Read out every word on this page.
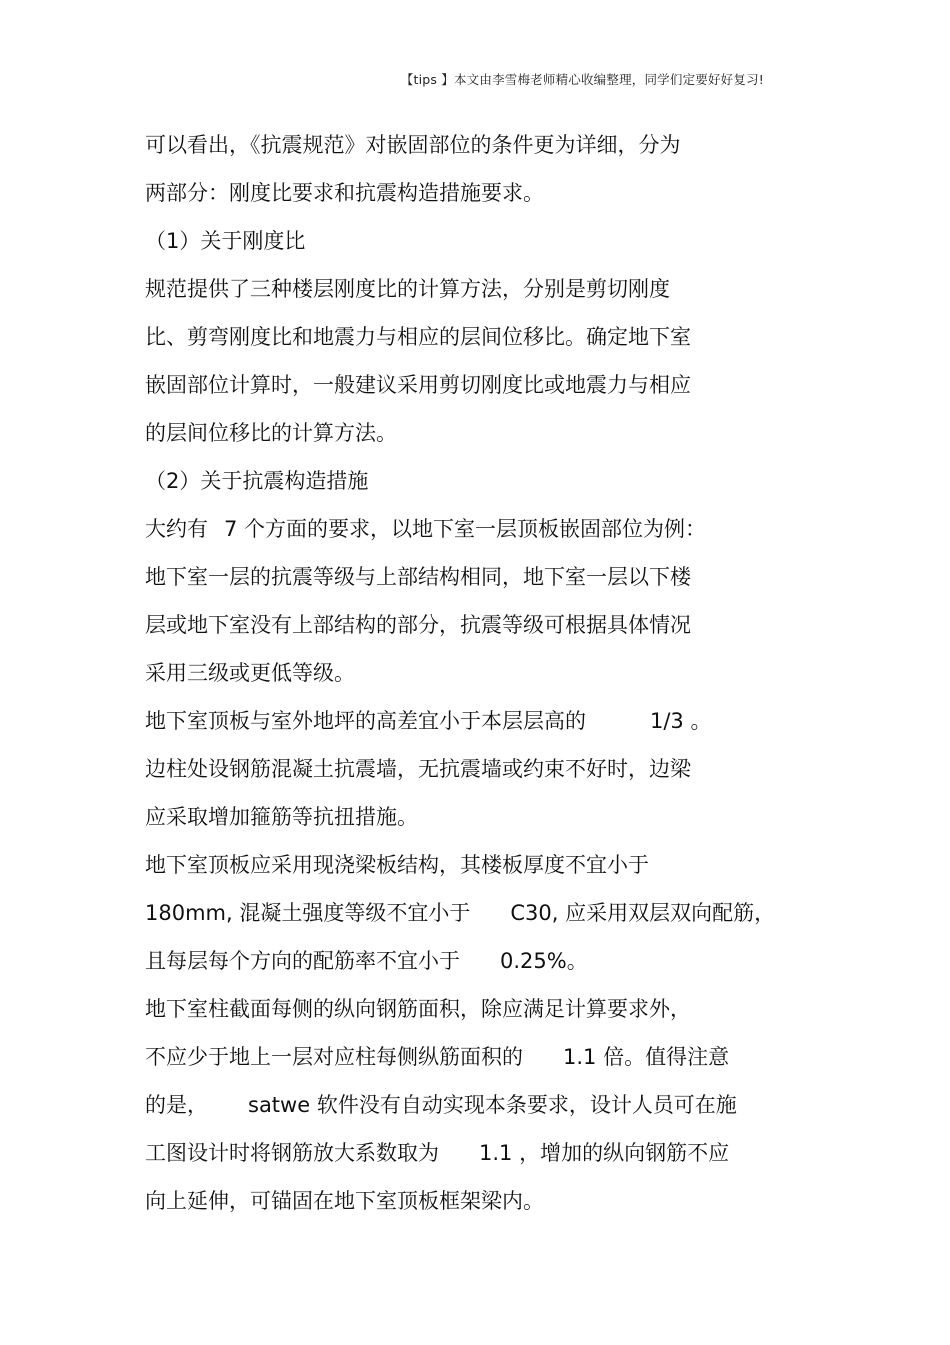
【tips 】本文由李雪梅老师精心收编整理，同学们定要好好复习!
可以看出，《抗震规范》对嵌固部位的条件更为详细，分为
两部分：刚度比要求和抗震构造措施要求。
（1）关于刚度比
规范提供了三种楼层刚度比的计算方法，分别是剪切刚度
比、剪弯刚度比和地震力与相应的层间位移比。确定地下室
嵌固部位计算时，一般建议采用剪切刚度比或地震力与相应
的层间位移比的计算方法。
（2）关于抗震构造措施
大约有 7 个方面的要求，以地下室一层顶板嵌固部位为例：
地下室一层的抗震等级与上部结构相同，地下室一层以下楼
层或地下室没有上部结构的部分，抗震等级可根据具体情况
采用三级或更低等级。
地下室顶板与室外地坪的高差宜小于本层层高的	1/3 。
边柱处设钢筋混凝土抗震墙，无抗震墙或约束不好时，边梁
应采取增加箍筋等抗扭措施。
地下室顶板应采用现浇梁板结构，其楼板厚度不宜小于
180mm, 混凝土强度等级不宜小于 C30, 应采用双层双向配筋，
且每层每个方向的配筋率不宜小于 0.25%。
地下室柱截面每侧的纵向钢筋面积，除应满足计算要求外，
不应少于地上一层对应柱每侧纵筋面积的 1.1 倍。值得注意
的是， satwe 软件没有自动实现本条要求，设计人员可在施
工图设计时将钢筋放大系数取为 1.1 ，增加的纵向钢筋不应
向上延伸，可锚固在地下室顶板框架梁内。
